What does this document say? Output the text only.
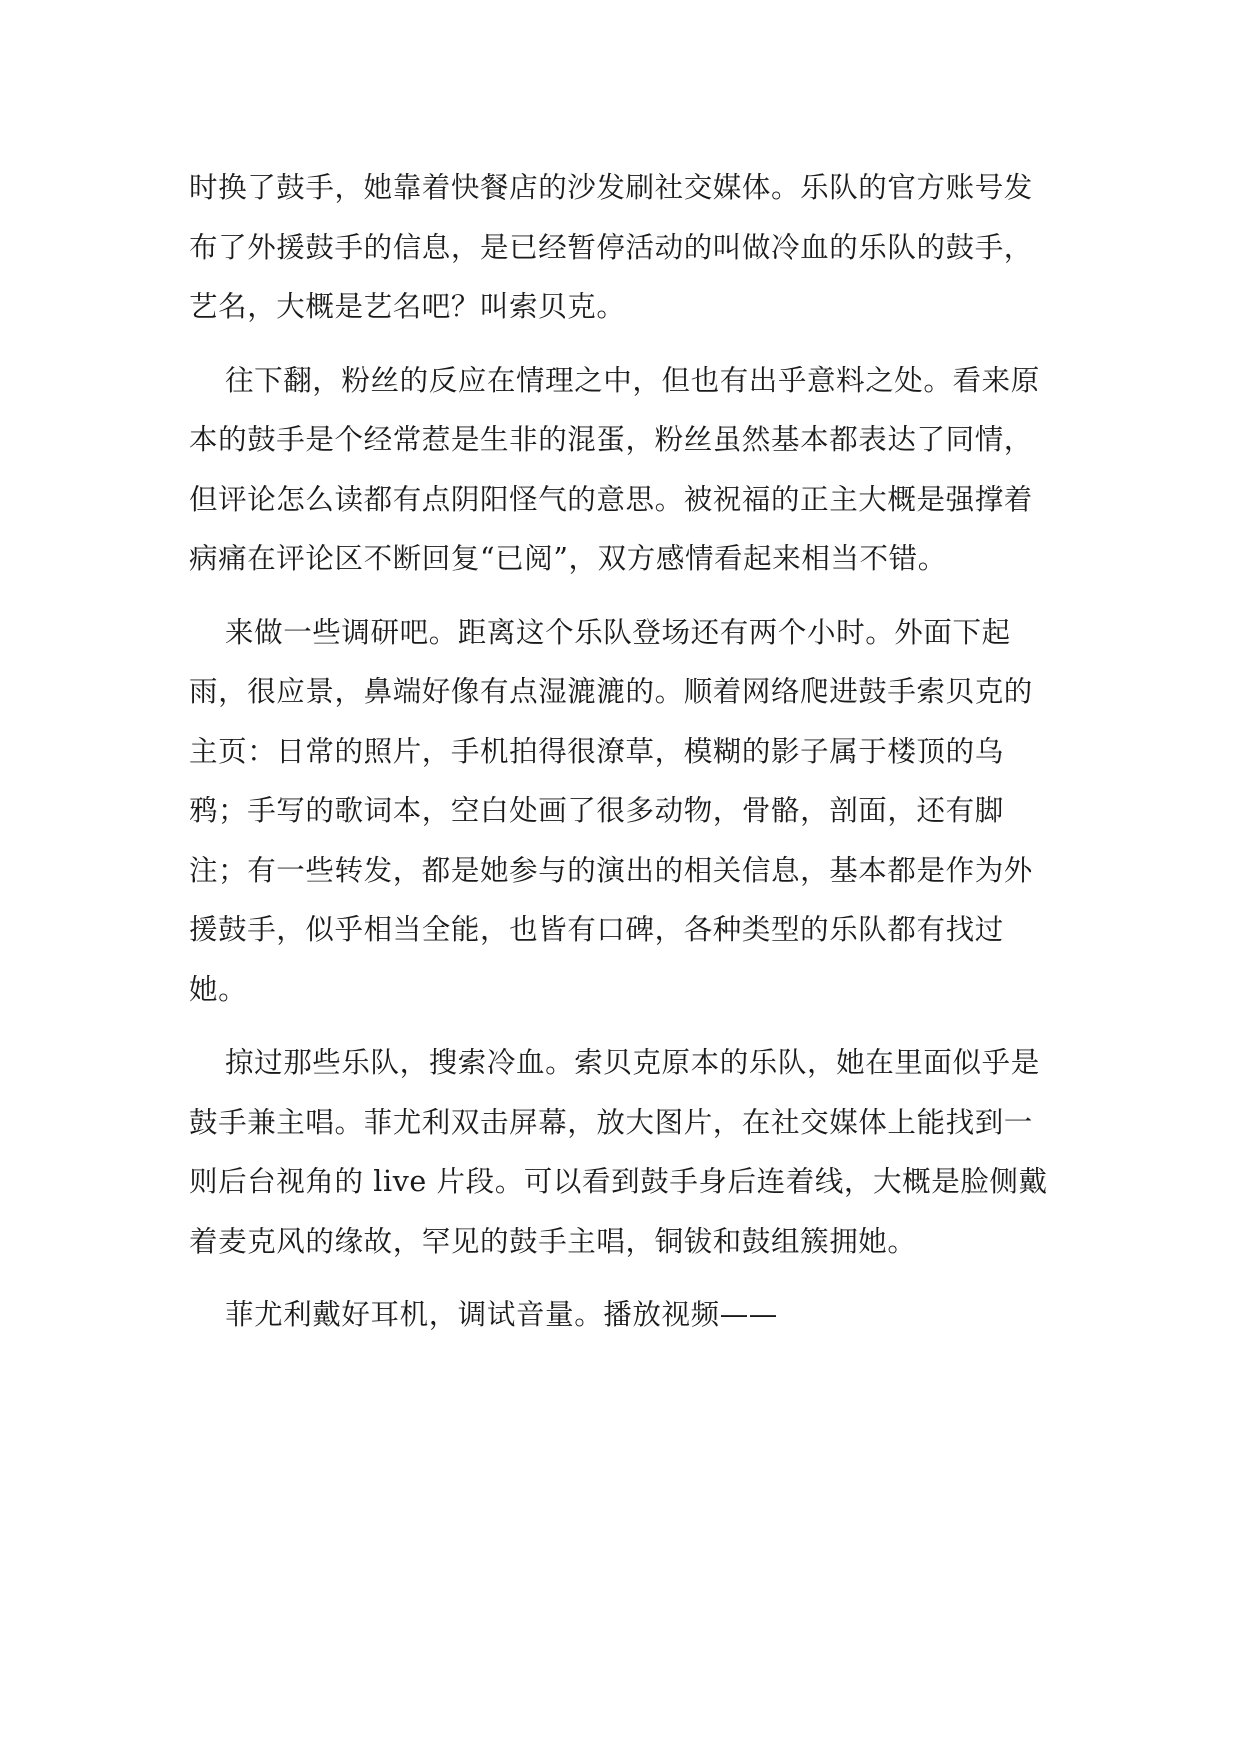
时换了鼓手，她靠着快餐店的沙发刷社交媒体。乐队的官方账号发布了外援鼓手的信息，是已经暂停活动的叫做冷血的乐队的鼓手，艺名，大概是艺名吧？叫索贝克。

往下翻，粉丝的反应在情理之中，但也有出乎意料之处。看来原本的鼓手是个经常惹是生非的混蛋，粉丝虽然基本都表达了同情，但评论怎么读都有点阴阳怪气的意思。被祝福的正主大概是强撑着病痛在评论区不断回复“已阅”，双方感情看起来相当不错。

来做一些调研吧。距离这个乐队登场还有两个小时。外面下起雨，很应景，鼻端好像有点湿漉漉的。顺着网络爬进鼓手索贝克的主页：日常的照片，手机拍得很潦草，模糊的影子属于楼顶的乌鸦；手写的歌词本，空白处画了很多动物，骨骼，剖面，还有脚注；有一些转发，都是她参与的演出的相关信息，基本都是作为外援鼓手，似乎相当全能，也皆有口碑，各种类型的乐队都有找过她。

掠过那些乐队，搜索冷血。索贝克原本的乐队，她在里面似乎是鼓手兼主唱。菲尤利双击屏幕，放大图片，在社交媒体上能找到一则后台视角的 live 片段。可以看到鼓手身后连着线，大概是脸侧戴着麦克风的缘故，罕见的鼓手主唱，铜钹和鼓组簇拥她。

菲尤利戴好耳机，调试音量。播放视频——
